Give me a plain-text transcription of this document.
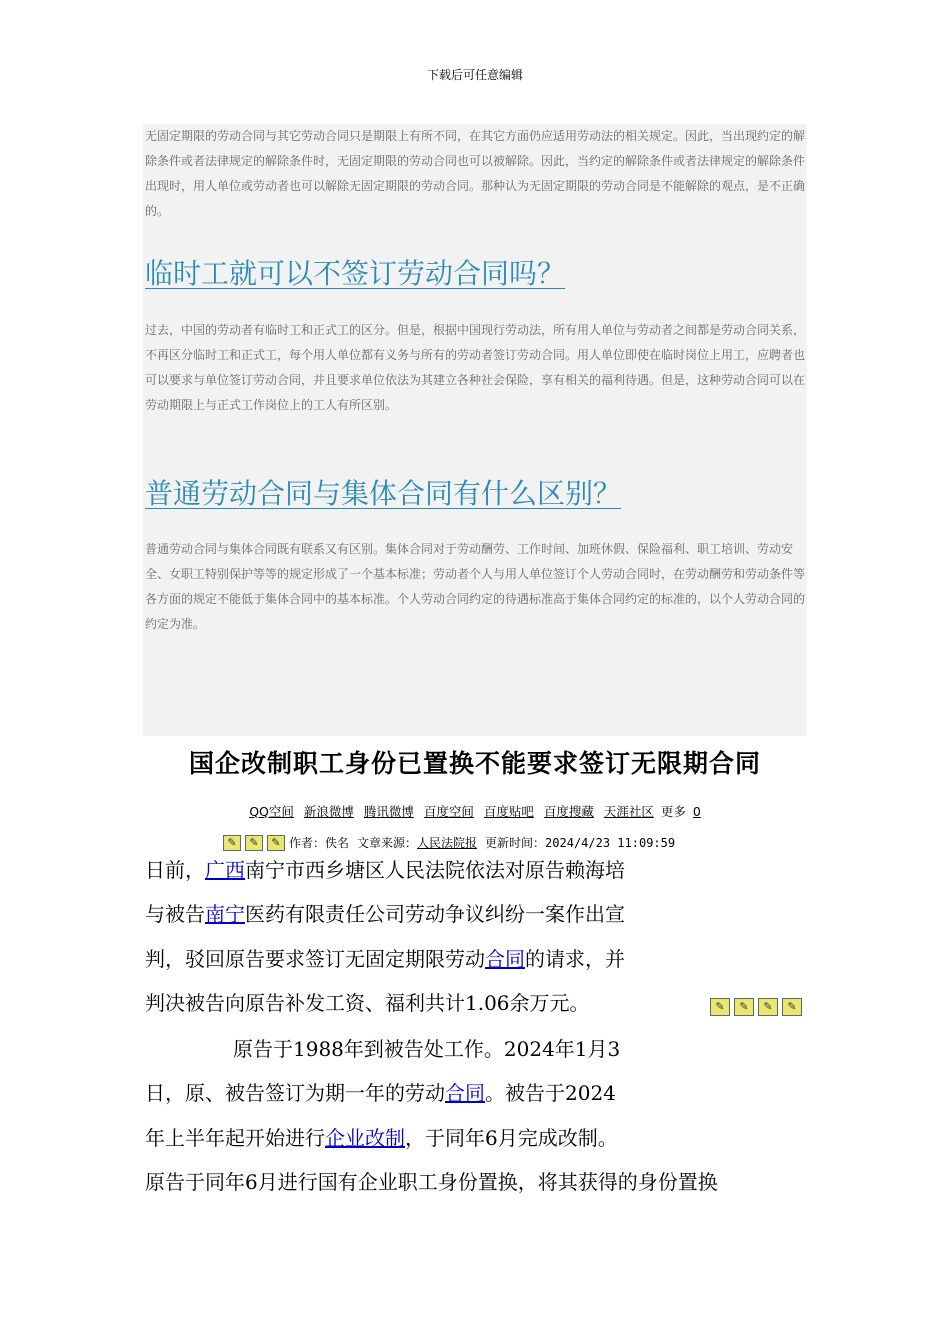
下载后可任意编辑

无固定期限的劳动合同与其它劳动合同只是期限上有所不同，在其它方面仍应适用劳动法的相关规定。因此，当出现约定的解除条件或者法律规定的解除条件时，无固定期限的劳动合同也可以被解除。因此，当约定的解除条件或者法律规定的解除条件出现时，用人单位或劳动者也可以解除无固定期限的劳动合同。那种认为无固定期限的劳动合同是不能解除的观点，是不正确的。

临时工就可以不签订劳动合同吗？

过去，中国的劳动者有临时工和正式工的区分。但是，根据中国现行劳动法，所有用人单位与劳动者之间都是劳动合同关系，不再区分临时工和正式工，每个用人单位都有义务与所有的劳动者签订劳动合同。用人单位即使在临时岗位上用工，应聘者也可以要求与单位签订劳动合同，并且要求单位依法为其建立各种社会保险，享有相关的福利待遇。但是，这种劳动合同可以在劳动期限上与正式工作岗位上的工人有所区别。

普通劳动合同与集体合同有什么区别？

普通劳动合同与集体合同既有联系又有区别。集体合同对于劳动酬劳、工作时间、加班休假、保险福利、职工培训、劳动安全、女职工特别保护等等的规定形成了一个基本标准；劳动者个人与用人单位签订个人劳动合同时，在劳动酬劳和劳动条件等各方面的规定不能低于集体合同中的基本标准。个人劳动合同约定的待遇标准高于集体合同约定的标准的，以个人劳动合同的约定为准。

国企改制职工身份已置换不能要求签订无限期合同
QQ空间 新浪微博 腾讯微博 百度空间 百度贴吧 百度搜藏 天涯社区 更多 0
✎	✎	✎ 作者：佚名 文章来源： 人民法院报 更新时间：2024/4/23 11:09:59

日前，广西南宁市西乡塘区人民法院依法对原告赖海培

与被告南宁医药有限责任公司劳动争议纠纷一案作出宣

判，驳回原告要求签订无固定期限劳动合同的请求，并

判决被告向原告补发工资、福利共计1.06余万元。	✎	✎	✎	✎

原告于1988年到被告处工作。2024年1月3

日，原、被告签订为期一年的劳动合同。被告于2024

年上半年起开始进行企业改制，于同年6月完成改制。

原告于同年6月进行国有企业职工身份置换，将其获得的身份置换
